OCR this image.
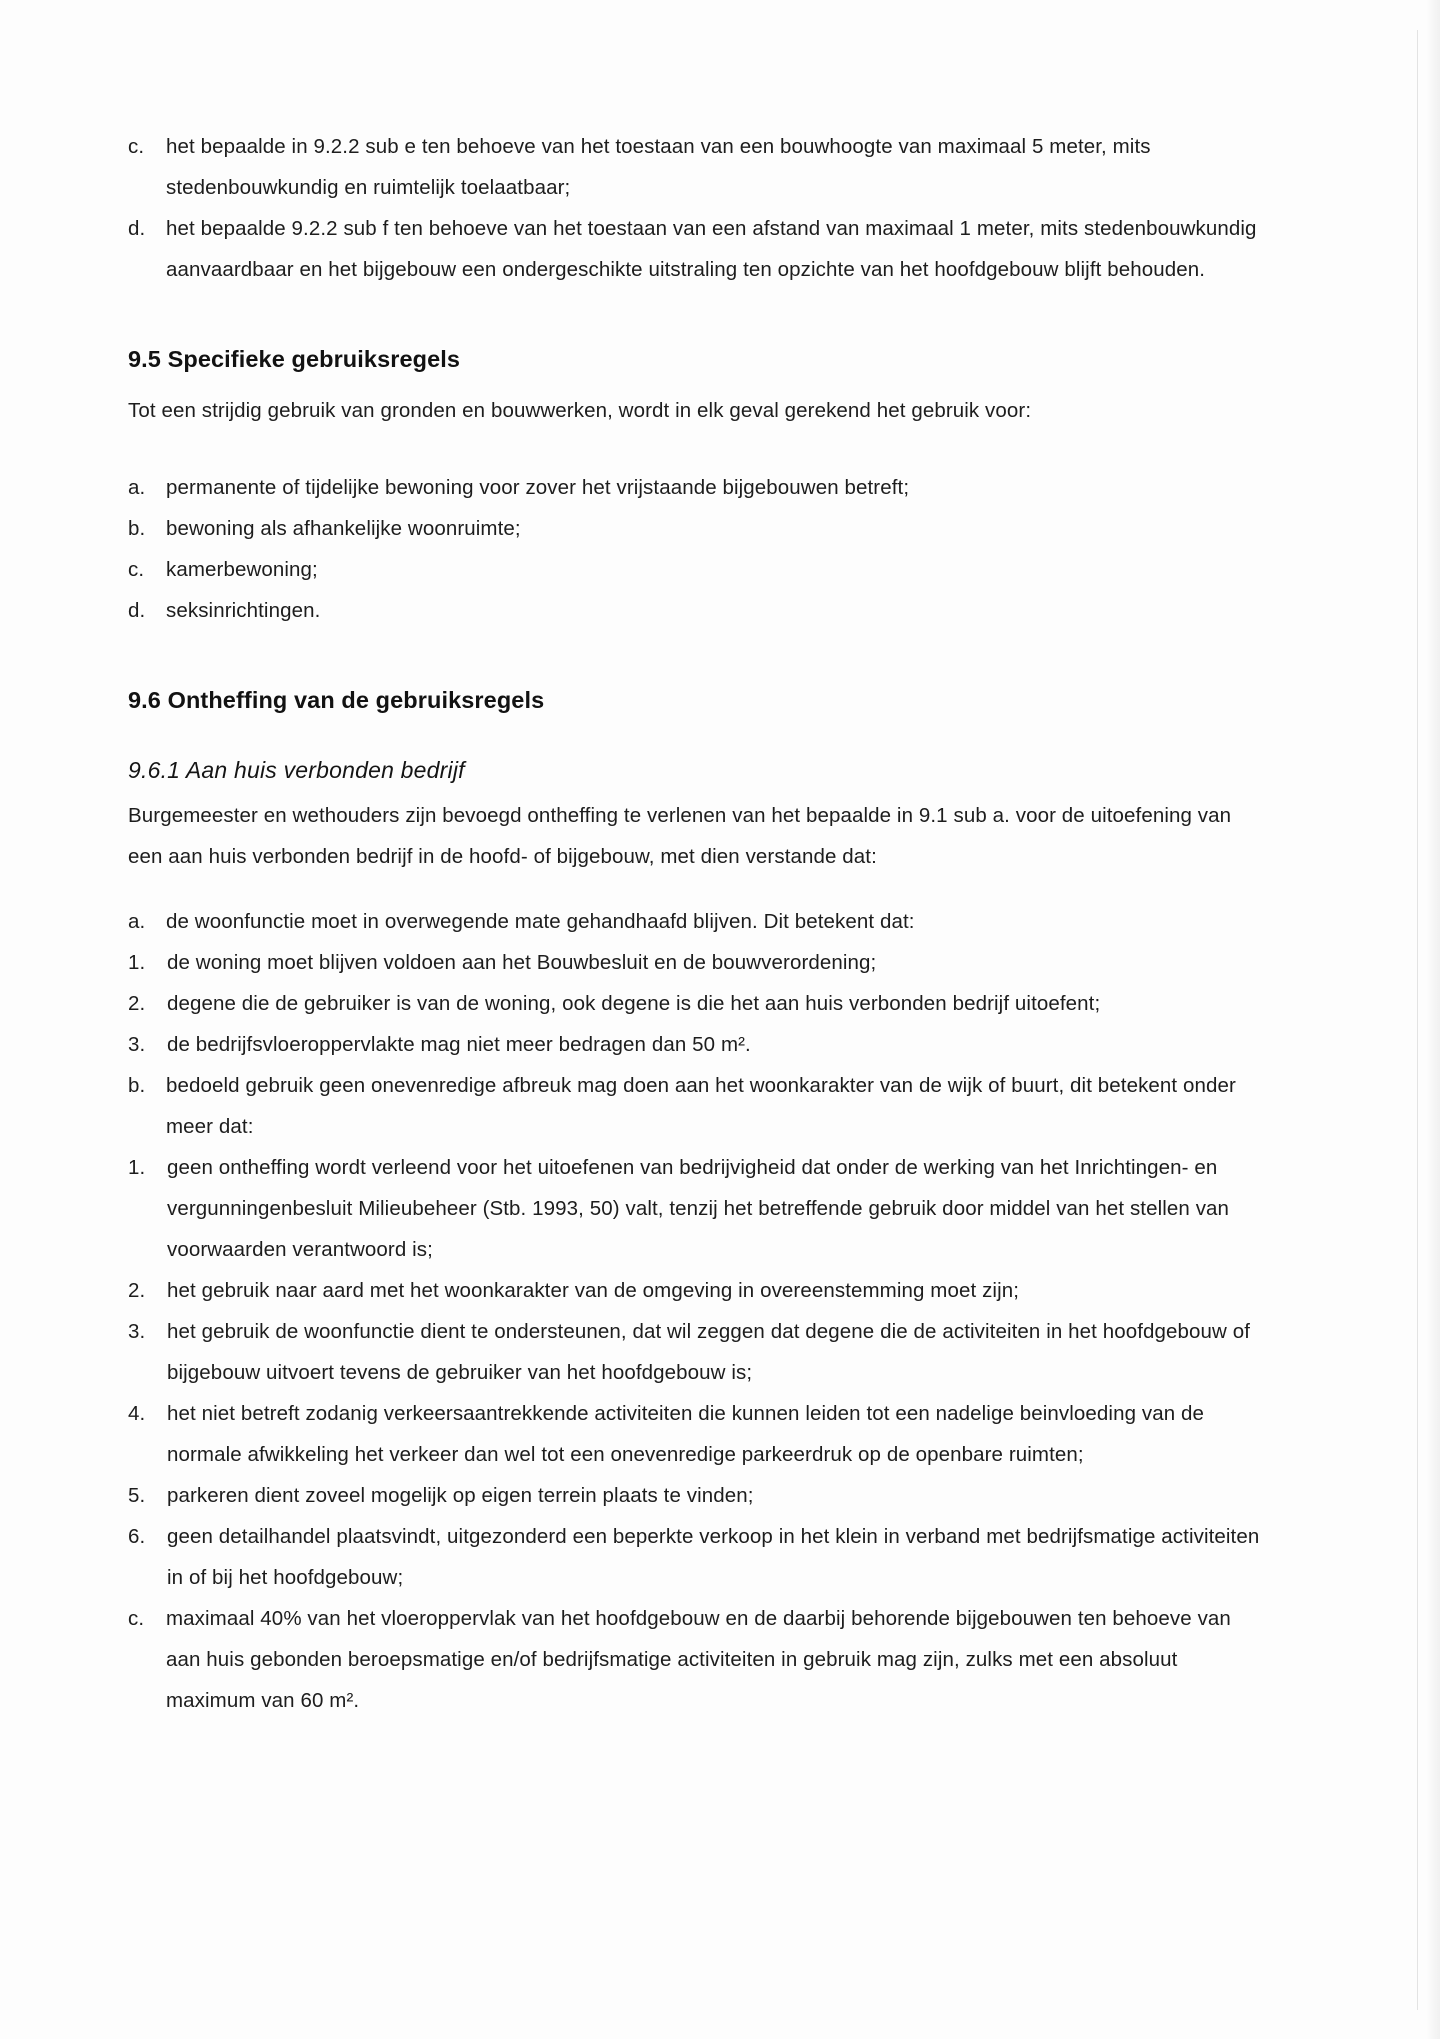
c.	het bepaalde in 9.2.2 sub e ten behoeve van het toestaan van een bouwhoogte van maximaal 5 meter, mits stedenbouwkundig en ruimtelijk toelaatbaar;
d.	het bepaalde 9.2.2 sub f ten behoeve van het toestaan van een afstand van maximaal 1 meter, mits stedenbouwkundig aanvaardbaar en het bijgebouw een ondergeschikte uitstraling ten opzichte van het hoofdgebouw blijft behouden.
9.5 Specifieke gebruiksregels

Tot een strijdig gebruik van gronden en bouwwerken, wordt in elk geval gerekend het gebruik voor:

a.	permanente of tijdelijke bewoning voor zover het vrijstaande bijgebouwen betreft;
b.	bewoning als afhankelijke woonruimte;
c.	kamerbewoning;
d.	seksinrichtingen.
9.6 Ontheffing van de gebruiksregels
9.6.1 Aan huis verbonden bedrijf

Burgemeester en wethouders zijn bevoegd ontheffing te verlenen van het bepaalde in 9.1 sub a. voor de uitoefening van een aan huis verbonden bedrijf in de hoofd- of bijgebouw, met dien verstande dat:

a.	de woonfunctie moet in overwegende mate gehandhaafd blijven. Dit betekent dat:
1.	de woning moet blijven voldoen aan het Bouwbesluit en de bouwverordening;
2.	degene die de gebruiker is van de woning, ook degene is die het aan huis verbonden bedrijf uitoefent;
3.	de bedrijfsvloeroppervlakte mag niet meer bedragen dan 50 m².
b.	bedoeld gebruik geen onevenredige afbreuk mag doen aan het woonkarakter van de wijk of buurt, dit betekent onder meer dat:
1.	geen ontheffing wordt verleend voor het uitoefenen van bedrijvigheid dat onder de werking van het Inrichtingen- en vergunningenbesluit Milieubeheer (Stb. 1993, 50) valt, tenzij het betreffende gebruik door middel van het stellen van voorwaarden verantwoord is;
2.	het gebruik naar aard met het woonkarakter van de omgeving in overeenstemming moet zijn;
3.	het gebruik de woonfunctie dient te ondersteunen, dat wil zeggen dat degene die de activiteiten in het hoofdgebouw of bijgebouw uitvoert tevens de gebruiker van het hoofdgebouw is;
4.	het niet betreft zodanig verkeersaantrekkende activiteiten die kunnen leiden tot een nadelige beinvloeding van de normale afwikkeling het verkeer dan wel tot een onevenredige parkeerdruk op de openbare ruimten;
5.	parkeren dient zoveel mogelijk op eigen terrein plaats te vinden;
6.	geen detailhandel plaatsvindt, uitgezonderd een beperkte verkoop in het klein in verband met bedrijfsmatige activiteiten in of bij het hoofdgebouw;
c.	maximaal 40% van het vloeroppervlak van het hoofdgebouw en de daarbij behorende bijgebouwen ten behoeve van aan huis gebonden beroepsmatige en/of bedrijfsmatige activiteiten in gebruik mag zijn, zulks met een absoluut maximum van 60 m².
